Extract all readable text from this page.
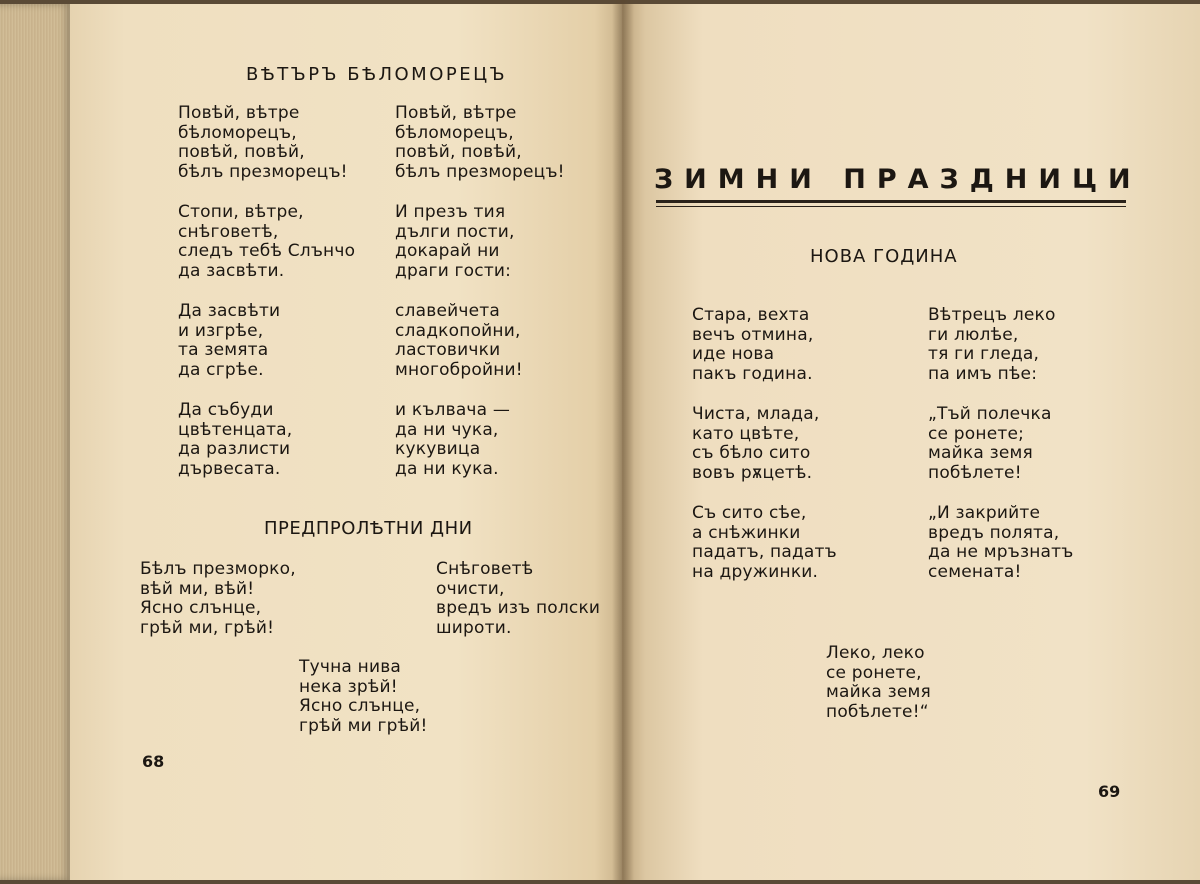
ВѢТЪРЪ БѢЛОМОРЕЦЪ
Повѣй, вѣтре
бѣломорецъ,
повѣй, повѣй,
бѣлъ презморецъ!
Стопи, вѣтре,
снѣговетѣ,
следъ тебѣ Слънчо
да засвѣти.
Да засвѣти
и изгрѣе,
та земята
да сгрѣе.
Да събуди
цвѣтенцата,
да разлисти
дървесата.
Повѣй, вѣтре
бѣломорецъ,
повѣй, повѣй,
бѣлъ презморецъ!
И презъ тия
дълги пости,
докарай ни
драги гости:
славейчета
сладкопойни,
ластовички
многобройни!
и кълвача —
да ни чука,
кукувица
да ни кука.
ПРЕДПРОЛѢТНИ ДНИ
Бѣлъ презморко,
вѣй ми, вѣй!
Ясно слънце,
грѣй ми, грѣй!
Снѣговетѣ
очисти,
вредъ изъ полски
широти.
Тучна нива
нека зрѣй!
Ясно слънце,
грѣй ми грѣй!
68
ЗИМНИ ПРАЗДНИЦИ
НОВА ГОДИНА
Стара, вехта
вечъ отмина,
иде нова
пакъ година.
Чиста, млада,
като цвѣте,
съ бѣло сито
вовъ рѫцетѣ.
Съ сито сѣе,
а снѣжинки
падатъ, падатъ
на дружинки.
Вѣтрецъ леко
ги люлѣе,
тя ги гледа,
па имъ пѣе:
„Тъй полечка
се ронете;
майка земя
побѣлете!
„И закрийте
вредъ полята,
да не мръзнатъ
семената!
Леко, леко
се ронете,
майка земя
побѣлете!“
69
